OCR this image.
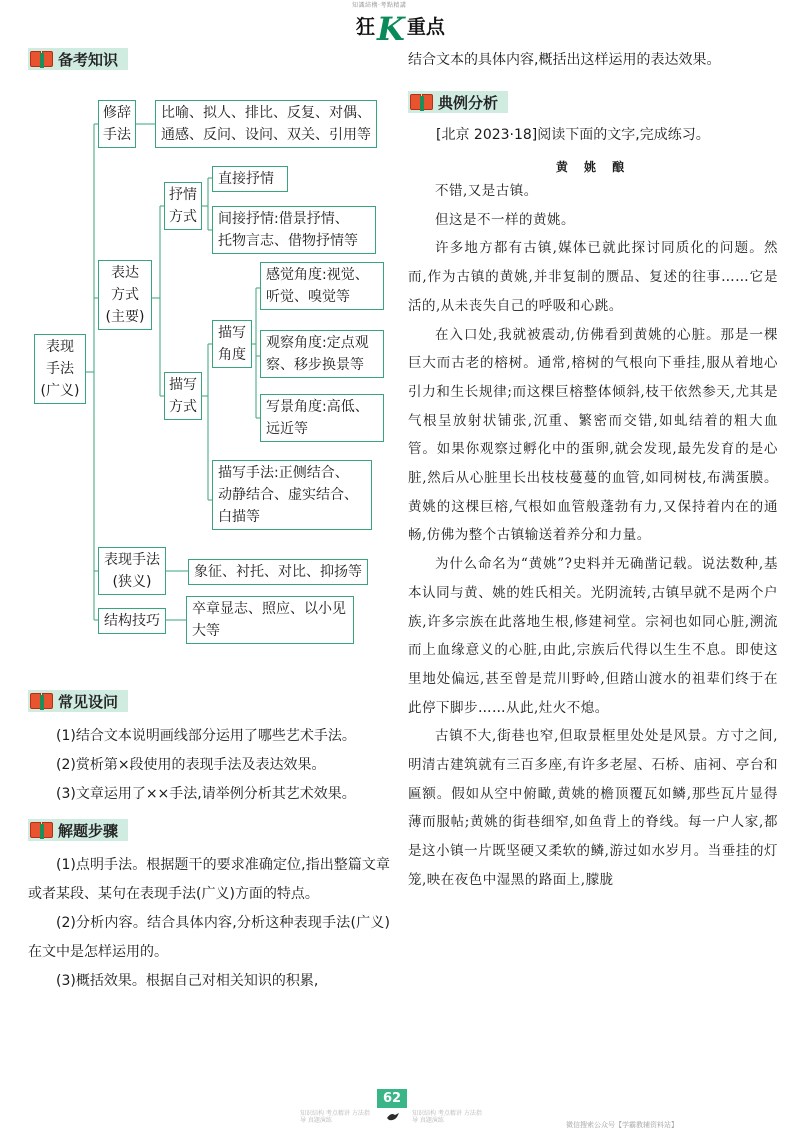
知識結構·考點精講
狂K 重点
备考知识
表现
手法
(广义)
修辞
手法
比喻、拟人、排比、反复、对偶、
通感、反问、设问、双关、引用等
表达
方式
(主要)
抒情
方式
直接抒情
间接抒情:借景抒情、
托物言志、借物抒情等
描写
方式
描写
角度
感觉角度:视觉、
听觉、嗅觉等
观察角度:定点观
察、移步换景等
写景角度:高低、
远近等
描写手法:正侧结合、
动静结合、虚实结合、
白描等
表现手法
(狭义)
象征、衬托、对比、抑扬等
结构技巧
卒章显志、照应、以小见
大等
常见设问

(1)结合文本说明画线部分运用了哪些艺术手法。

(2)赏析第×段使用的表现手法及表达效果。

(3)文章运用了××手法,请举例分析其艺术效果。

解题步骤

(1)点明手法。根据题干的要求准确定位,指出整篇文章或者某段、某句在表现手法(广义)方面的特点。

(2)分析内容。结合具体内容,分析这种表现手法(广义)在文中是怎样运用的。

(3)概括效果。根据自己对相关知识的积累,

结合文本的具体内容,概括出这样运用的表达效果。

典例分析

[北京 2023·18]阅读下面的文字,完成练习。

黄 姚 酿

不错,又是古镇。

但这是不一样的黄姚。

许多地方都有古镇,媒体已就此探讨同质化的问题。然而,作为古镇的黄姚,并非复制的赝品、复述的往事……它是活的,从未丧失自己的呼吸和心跳。

在入口处,我就被震动,仿佛看到黄姚的心脏。那是一棵巨大而古老的榕树。通常,榕树的气根向下垂挂,服从着地心引力和生长规律;而这棵巨榕整体倾斜,枝干依然参天,尤其是气根呈放射状铺张,沉重、繁密而交错,如虬结着的粗大血管。如果你观察过孵化中的蛋卵,就会发现,最先发育的是心脏,然后从心脏里长出枝枝蔓蔓的血管,如同树枝,布满蛋膜。黄姚的这棵巨榕,气根如血管般蓬勃有力,又保持着内在的通畅,仿佛为整个古镇输送着养分和力量。

为什么命名为“黄姚”?史料并无确凿记载。说法数种,基本认同与黄、姚的姓氏相关。光阴流转,古镇早就不是两个户族,许多宗族在此落地生根,修建祠堂。宗祠也如同心脏,溯流而上血缘意义的心脏,由此,宗族后代得以生生不息。即使这里地处偏远,甚至曾是荒川野岭,但踏山渡水的祖辈们终于在此停下脚步……从此,灶火不熄。

古镇不大,街巷也窄,但取景框里处处是风景。方寸之间,明清古建筑就有三百多座,有许多老屋、石桥、庙祠、亭台和匾额。假如从空中俯瞰,黄姚的檐顶覆瓦如鳞,那些瓦片显得薄而服帖;黄姚的街巷细窄,如鱼背上的脊线。每一户人家,都是这小镇一片既坚硬又柔软的鳞,游过如水岁月。当垂挂的灯笼,映在夜色中湿黑的路面上,朦胧

知识结构 考点精讲 方法指导 真题演练
62
知识结构 考点精讲 方法指导 真题演练
微信搜索公众号【学霸教辅资料站】
